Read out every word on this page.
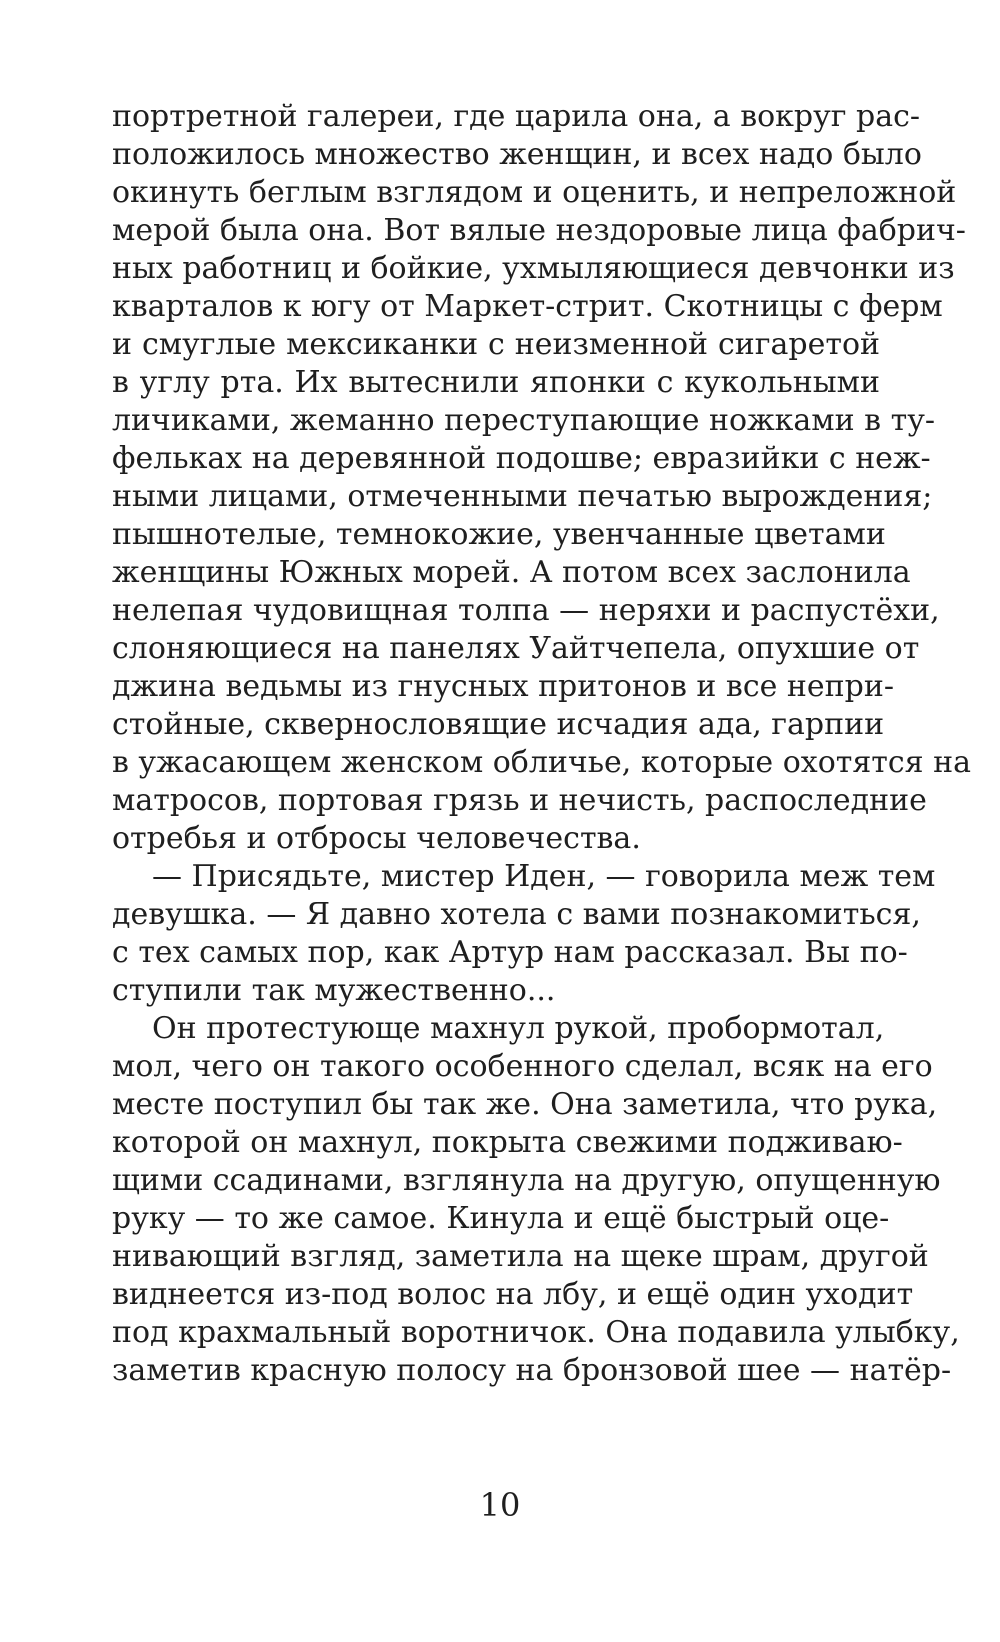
портретной галереи, где царила она, а вокруг рас-

положилось множество женщин, и всех надо было

окинуть беглым взглядом и оценить, и непреложной

мерой была она. Вот вялые нездоровые лица фабрич-

ных работниц и бойкие, ухмыляющиеся девчонки из

кварталов к югу от Маркет-стрит. Скотницы с ферм

и смуглые мексиканки с неизменной сигаретой

в углу рта. Их вытеснили японки с кукольными

личиками, жеманно переступающие ножками в ту-

фельках на деревянной подошве; евразийки с неж-

ными лицами, отмеченными печатью вырождения;

пышнотелые, темнокожие, увенчанные цветами

женщины Южных морей. А потом всех заслонила

нелепая чудовищная толпа — неряхи и распустёхи,

слоняющиеся на панелях Уайтчепела, опухшие от

джина ведьмы из гнусных притонов и все непри-

стойные, сквернословящие исчадия ада, гарпии

в ужасающем женском обличье, которые охотятся на

матросов, портовая грязь и нечисть, распоследние

отребья и отбросы человечества.

— Присядьте, мистер Иден, — говорила меж тем

девушка. — Я давно хотела с вами познакомиться,

с тех самых пор, как Артур нам рассказал. Вы по-

ступили так мужественно...

Он протестующе махнул рукой, пробормотал,

мол, чего он такого особенного сделал, всяк на его

месте поступил бы так же. Она заметила, что рука,

которой он махнул, покрыта свежими подживаю-

щими ссадинами, взглянула на другую, опущенную

руку — то же самое. Кинула и ещё быстрый оце-

нивающий взгляд, заметила на щеке шрам, другой

виднеется из-под волос на лбу, и ещё один уходит

под крахмальный воротничок. Она подавила улыбку,

заметив красную полосу на бронзовой шее — натёр-

10
